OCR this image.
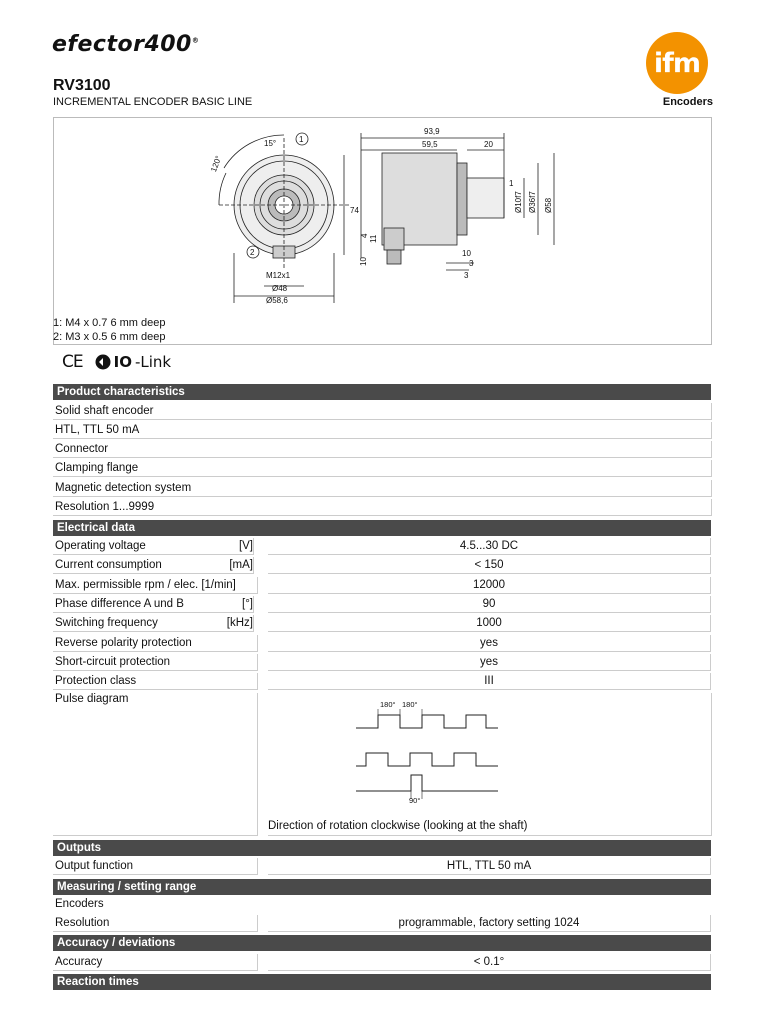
efector400®
ifm
RV3100
INCREMENTAL ENCODER BASIC LINE	Encoders
15°
120°
74
M12x1
Ø48
Ø58,6
1
2
93,9
59,5	20
1
Ø10f7 Ø36f7 Ø58
4 11
10
10
3
3
1: M4 x 0.7 6 mm deep
2: M3 x 0.5 6 mm deep
CE IO -Link
Product characteristics
Solid shaft encoder
HTL, TTL 50 mA
Connector
Clamping flange
Magnetic detection system
Resolution 1...9999
Electrical data
Operating voltage	[V]	4.5...30 DC
Current consumption	[mA]	< 150
Max. permissible rpm / elec. [1/min]	12000
Phase difference A und B	[°]	90
Switching frequency	[kHz]	1000
Reverse polarity protection	yes
Short-circuit protection	yes
Protection class	III
Pulse diagram	180° 180°
90°
Direction of rotation clockwise (looking at the shaft)
Outputs
Output function	HTL, TTL 50 mA
Measuring / setting range
Encoders
Resolution	programmable, factory setting 1024
Accuracy / deviations
Accuracy	< 0.1°
Reaction times
